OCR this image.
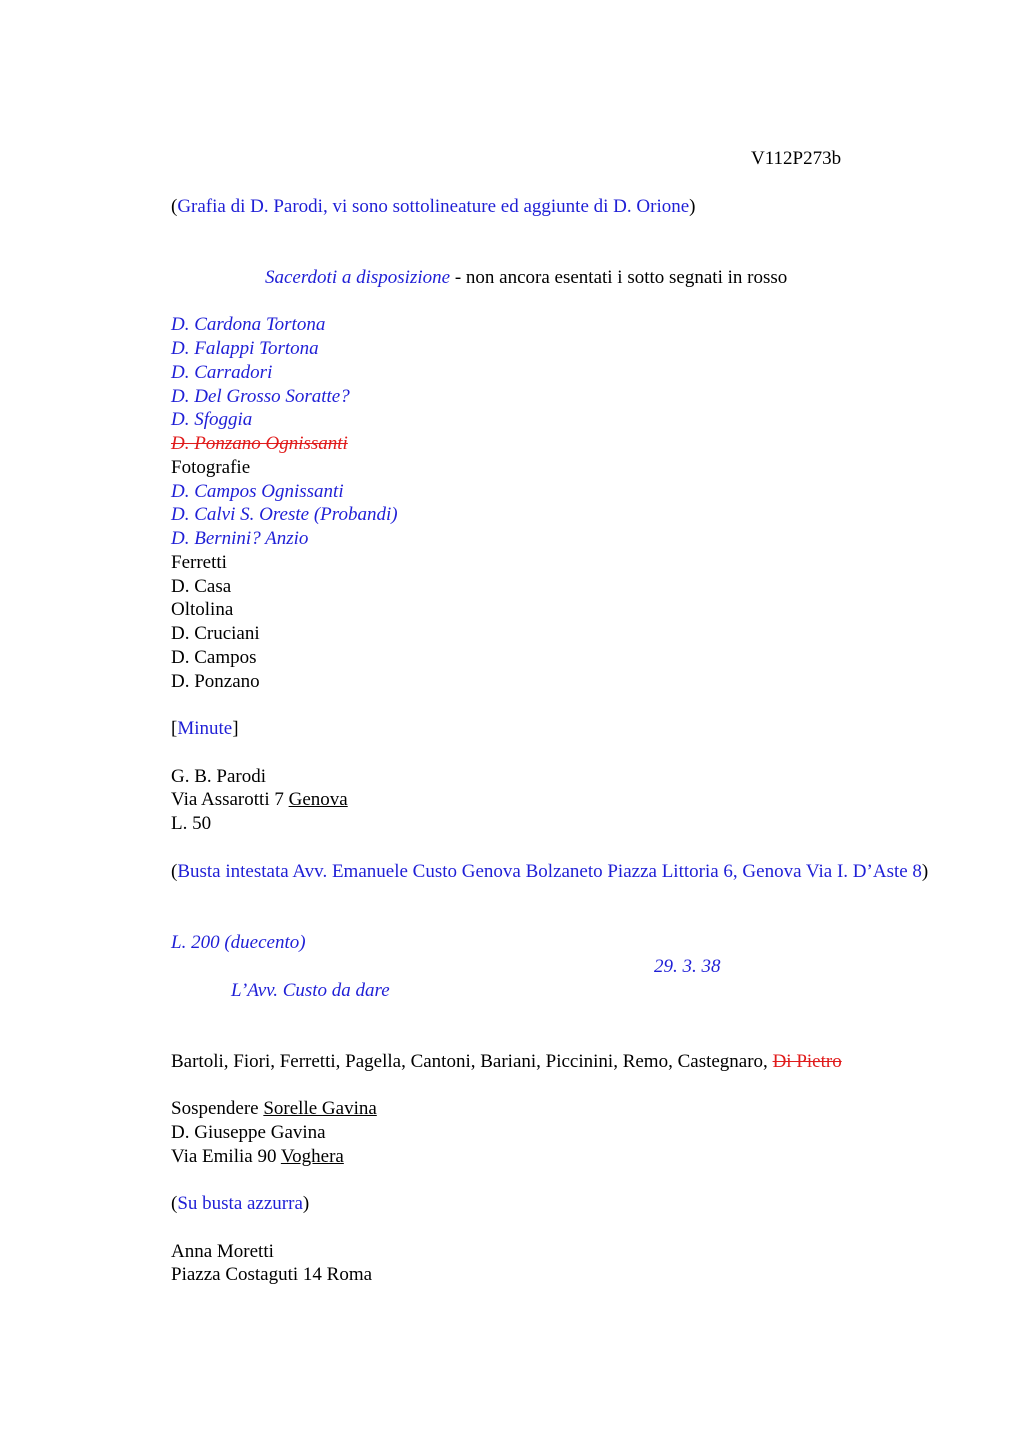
V112P273b
(Grafia di D. Parodi, vi sono sottolineature ed aggiunte di D. Orione)
Sacerdoti a disposizione - non ancora esentati i sotto segnati in rosso
D. Cardona Tortona
D. Falappi Tortona
D. Carradori
D. Del Grosso Soratte?
D. Sfoggia
D. Ponzano Ognissanti
Fotografie
D. Campos Ognissanti
D. Calvi S. Oreste (Probandi)
D. Bernini? Anzio
Ferretti
D. Casa
Oltolina
D. Cruciani
D. Campos
D. Ponzano
[Minute]
G. B. Parodi
Via Assarotti 7 Genova
L. 50
(Busta intestata Avv. Emanuele Custo Genova Bolzaneto Piazza Littoria 6, Genova Via I. D’Aste 8)
L. 200 (duecento)
29. 3. 38
L’Avv. Custo da dare
Bartoli, Fiori, Ferretti, Pagella, Cantoni, Bariani, Piccinini, Remo, Castegnaro, Di Pietro
Sospendere Sorelle Gavina
D. Giuseppe Gavina
Via Emilia 90 Voghera
(Su busta azzurra)
Anna Moretti
Piazza Costaguti 14 Roma
